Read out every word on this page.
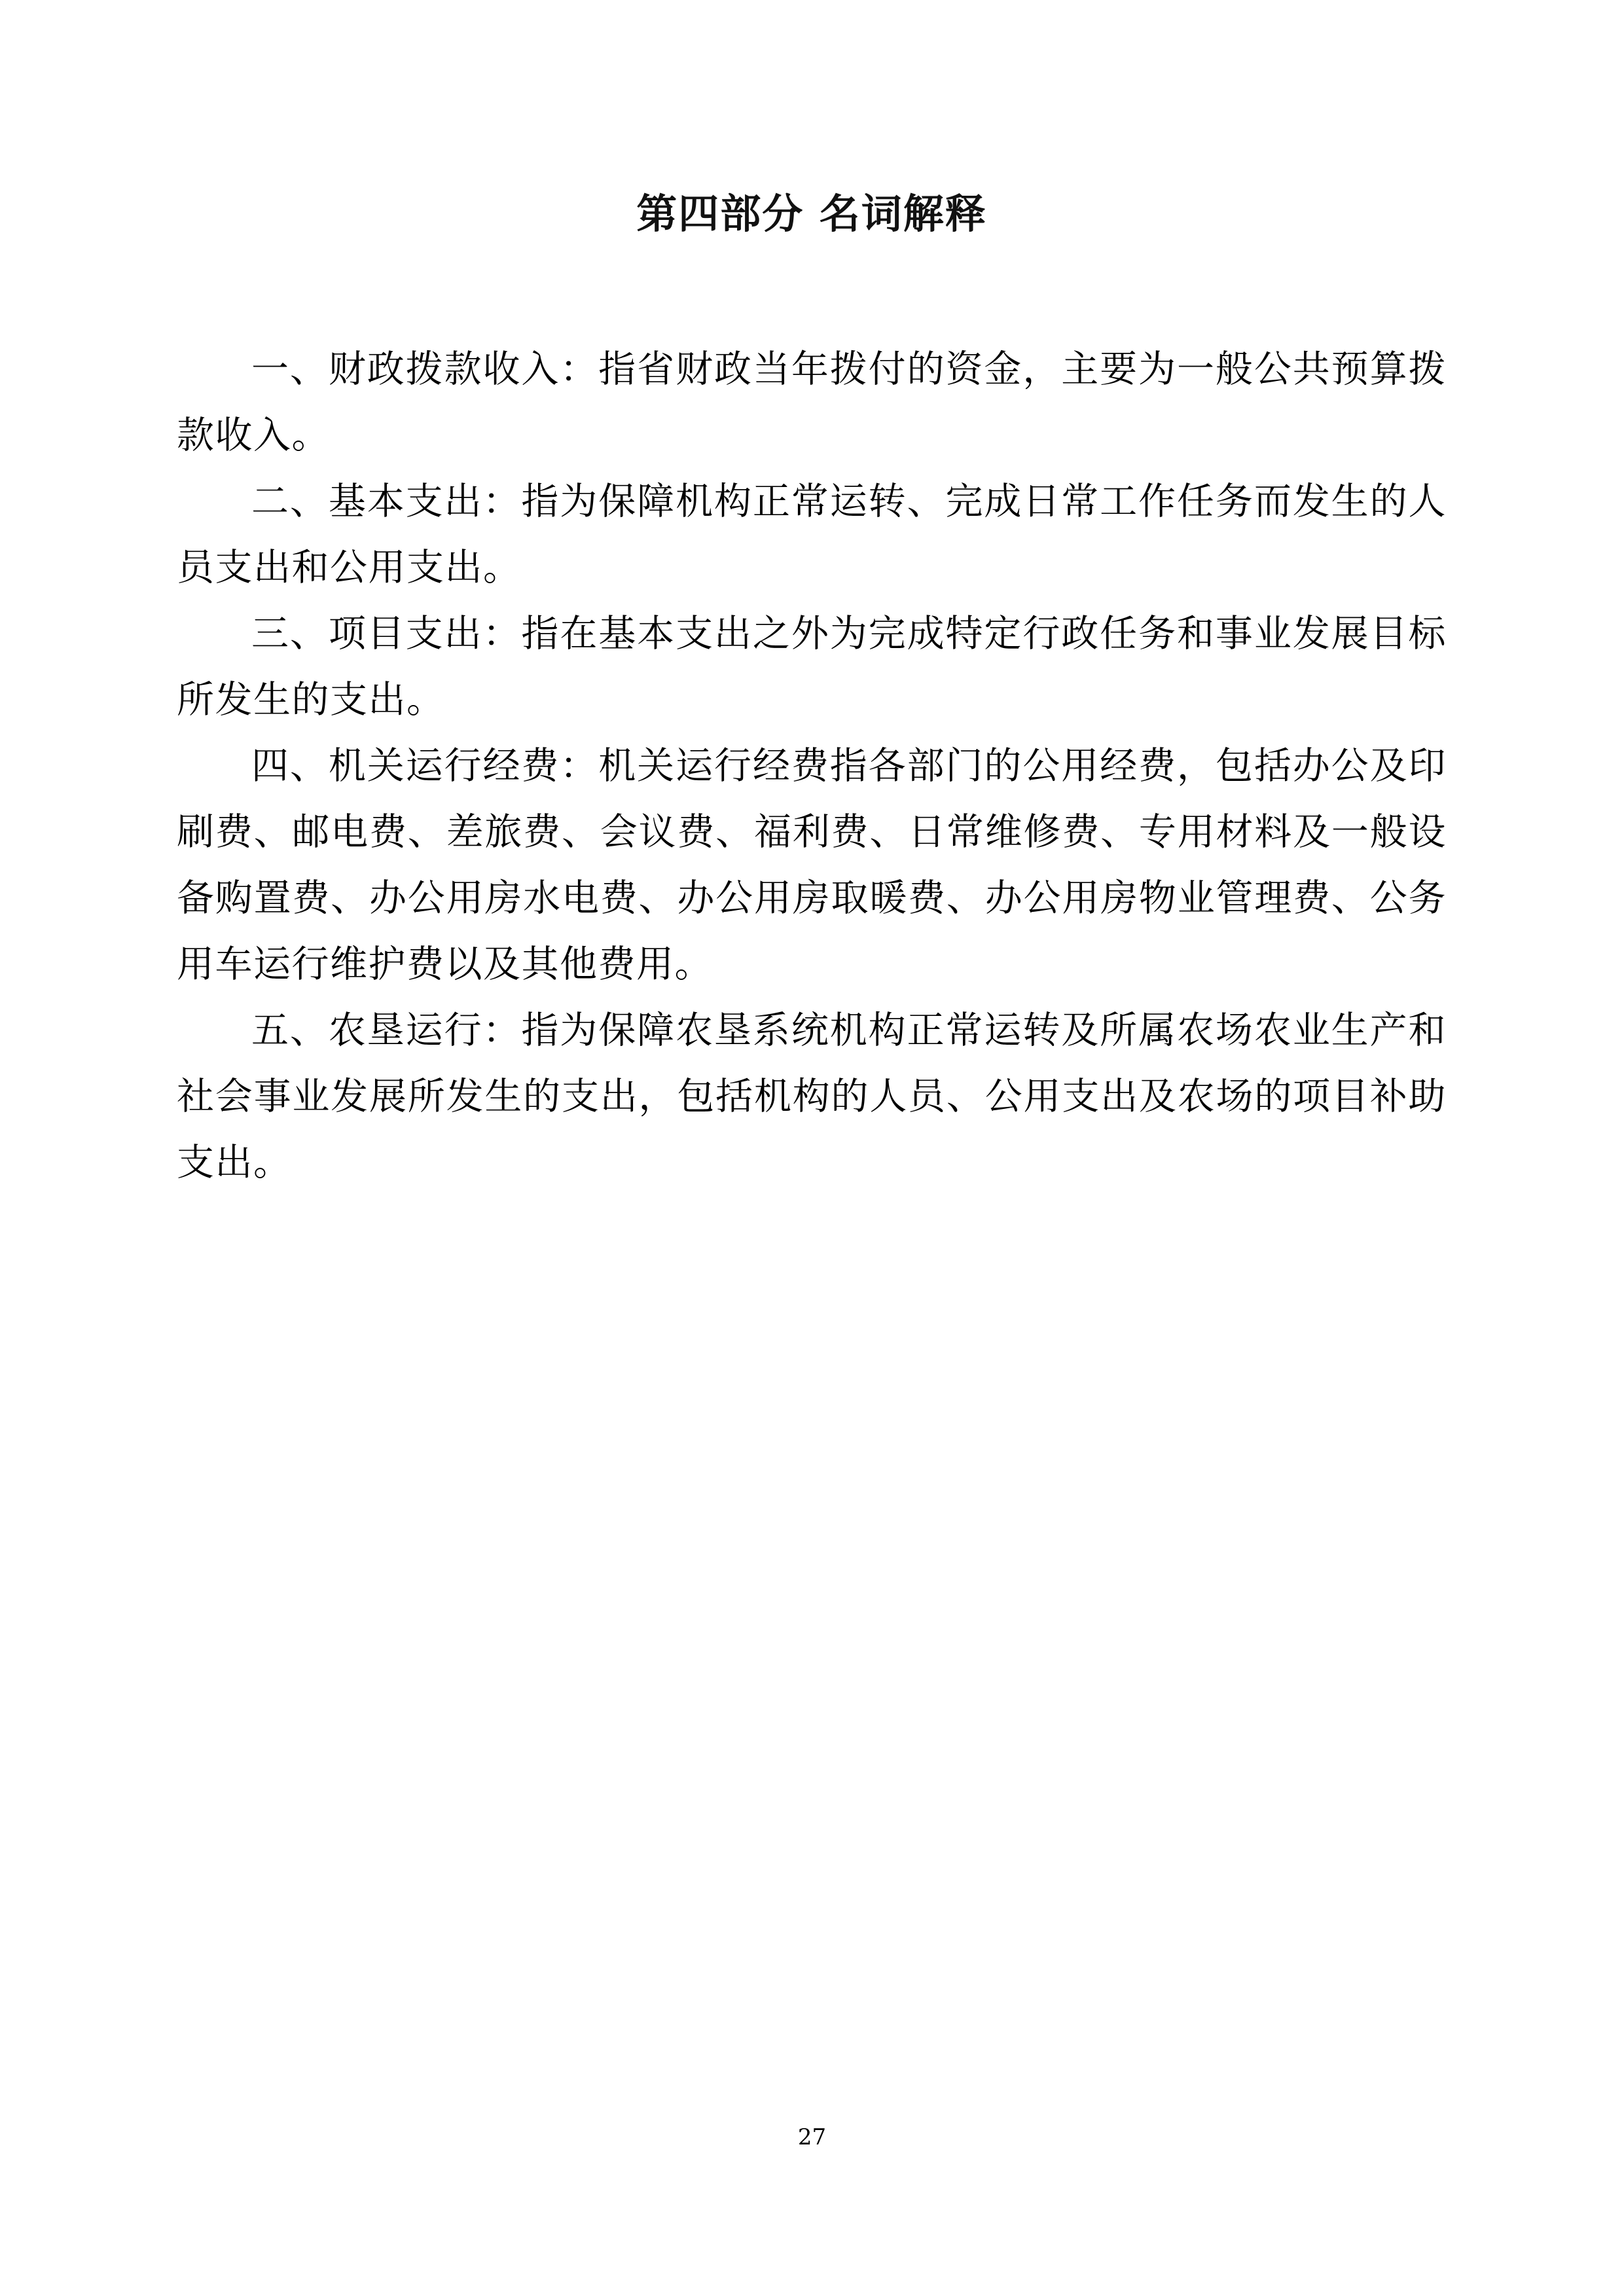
第四部分 名词解释

一、财政拨款收入：指省财政当年拨付的资金，主要为一般公共预算拨款收入。

二、基本支出：指为保障机构正常运转、完成日常工作任务而发生的人员支出和公用支出。

三、项目支出：指在基本支出之外为完成特定行政任务和事业发展目标所发生的支出。

四、机关运行经费：机关运行经费指各部门的公用经费，包括办公及印刷费、邮电费、差旅费、会议费、福利费、日常维修费、专用材料及一般设备购置费、办公用房水电费、办公用房取暖费、办公用房物业管理费、公务用车运行维护费以及其他费用。

五、农垦运行：指为保障农垦系统机构正常运转及所属农场农业生产和社会事业发展所发生的支出，包括机构的人员、公用支出及农场的项目补助支出。

27
